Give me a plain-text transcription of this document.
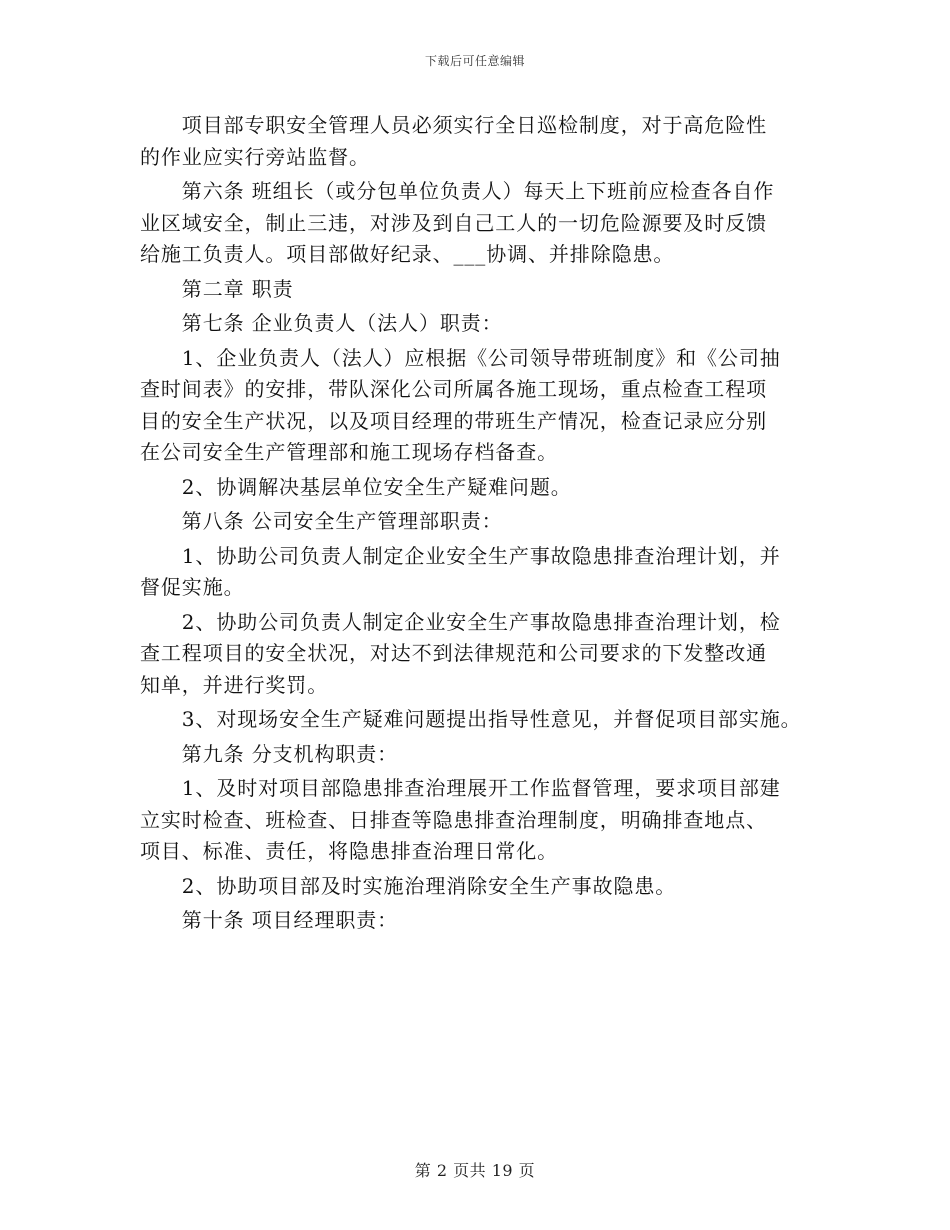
下载后可任意编辑
　　项目部专职安全管理人员必须实行全日巡检制度，对于高危险性
的作业应实行旁站监督。
　　第六条 班组长（或分包单位负责人）每天上下班前应检查各自作
业区域安全，制止三违，对涉及到自己工人的一切危险源要及时反馈
给施工负责人。项目部做好纪录、___协调、并排除隐患。
　　第二章 职责
　　第七条 企业负责人（法人）职责：
　　1、企业负责人（法人）应根据《公司领导带班制度》和《公司抽
查时间表》的安排，带队深化公司所属各施工现场，重点检查工程项
目的安全生产状况，以及项目经理的带班生产情况，检查记录应分别
在公司安全生产管理部和施工现场存档备查。
　　2、协调解决基层单位安全生产疑难问题。
　　第八条 公司安全生产管理部职责：
　　1、协助公司负责人制定企业安全生产事故隐患排查治理计划，并
督促实施。
　　2、协助公司负责人制定企业安全生产事故隐患排查治理计划，检
查工程项目的安全状况，对达不到法律规范和公司要求的下发整改通
知单，并进行奖罚。
　　3、对现场安全生产疑难问题提出指导性意见，并督促项目部实施。
　　第九条 分支机构职责：
　　1、及时对项目部隐患排查治理展开工作监督管理，要求项目部建
立实时检查、班检查、日排查等隐患排查治理制度，明确排查地点、
项目、标准、责任，将隐患排查治理日常化。
　　2、协助项目部及时实施治理消除安全生产事故隐患。
　　第十条 项目经理职责：
第 2 页共 19 页
